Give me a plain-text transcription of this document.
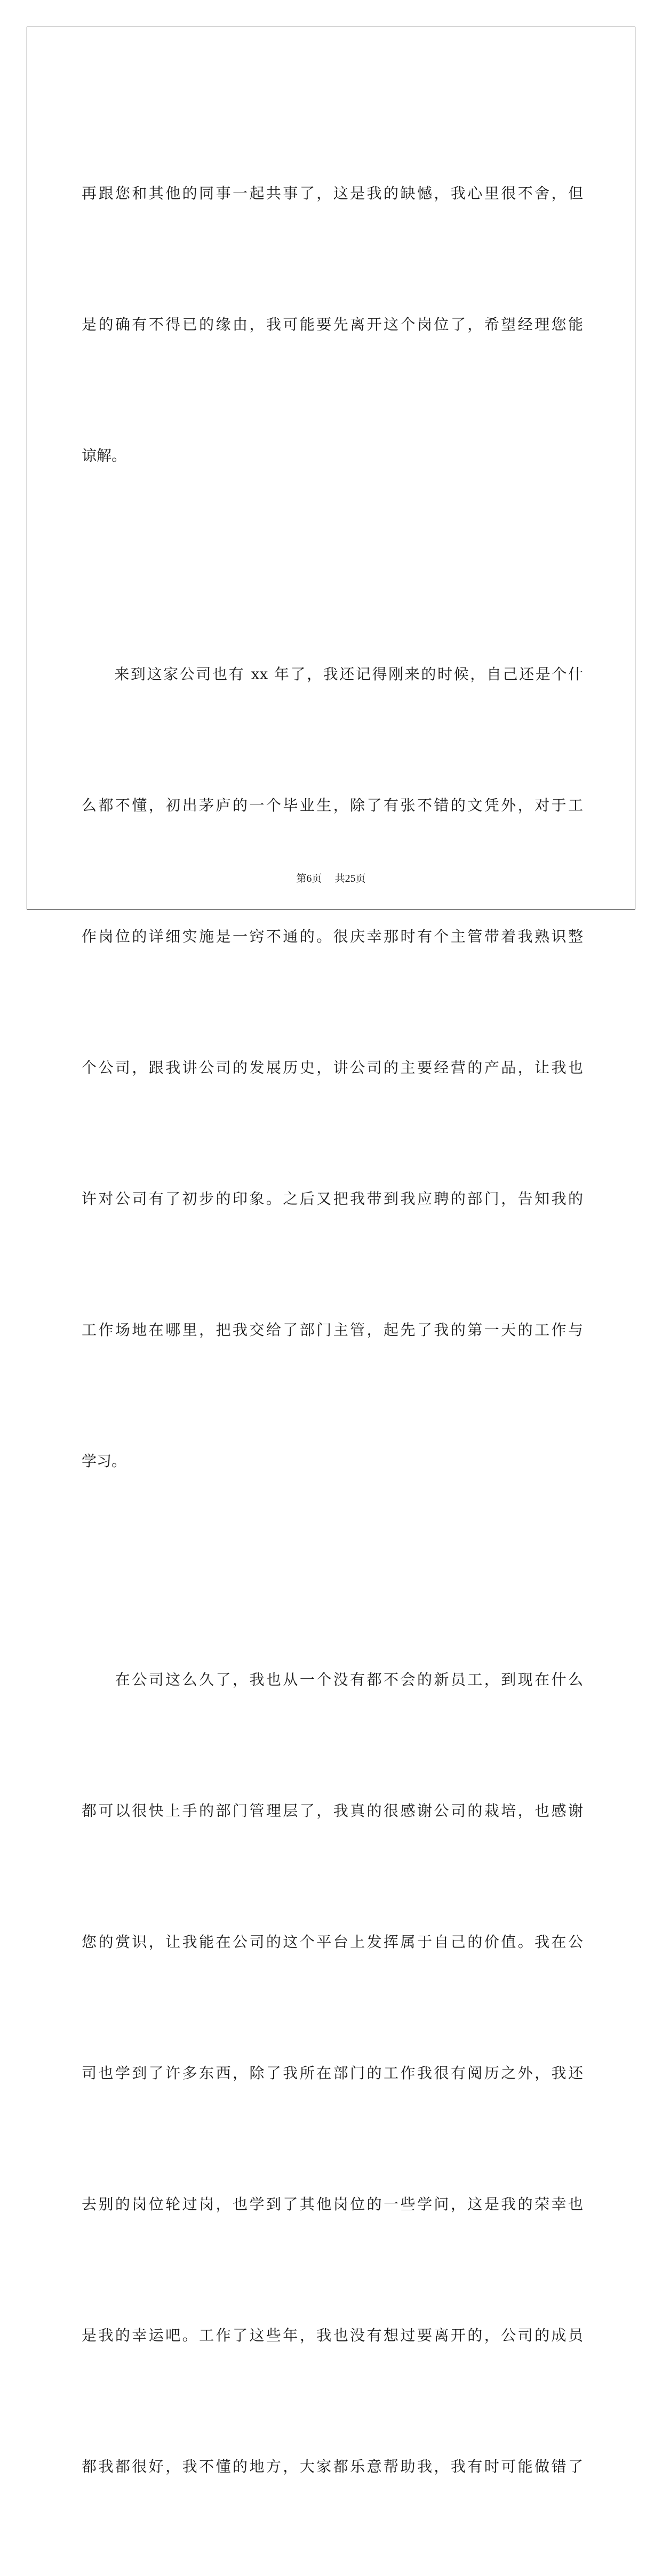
再跟您和其他的同事一起共事了，这是我的缺憾，我心里很不舍，但

是的确有不得已的缘由，我可能要先离开这个岗位了，希望经理您能

谅解。

　　来到这家公司也有 xx 年了，我还记得刚来的时候，自己还是个什

么都不懂，初出茅庐的一个毕业生，除了有张不错的文凭外，对于工

作岗位的详细实施是一窍不通的。很庆幸那时有个主管带着我熟识整

个公司，跟我讲公司的发展历史，讲公司的主要经营的产品，让我也

许对公司有了初步的印象。之后又把我带到我应聘的部门，告知我的

工作场地在哪里，把我交给了部门主管，起先了我的第一天的工作与

学习。

　　在公司这么久了，我也从一个没有都不会的新员工，到现在什么

都可以很快上手的部门管理层了，我真的很感谢公司的栽培，也感谢

您的赏识，让我能在公司的这个平台上发挥属于自己的价值。我在公

司也学到了许多东西，除了我所在部门的工作我很有阅历之外，我还

去别的岗位轮过岗，也学到了其他岗位的一些学问，这是我的荣幸也

是我的幸运吧。工作了这些年，我也没有想过要离开的，公司的成员

都我都很好，我不懂的地方，大家都乐意帮助我，我有时可能做错了

第6页 共25页
